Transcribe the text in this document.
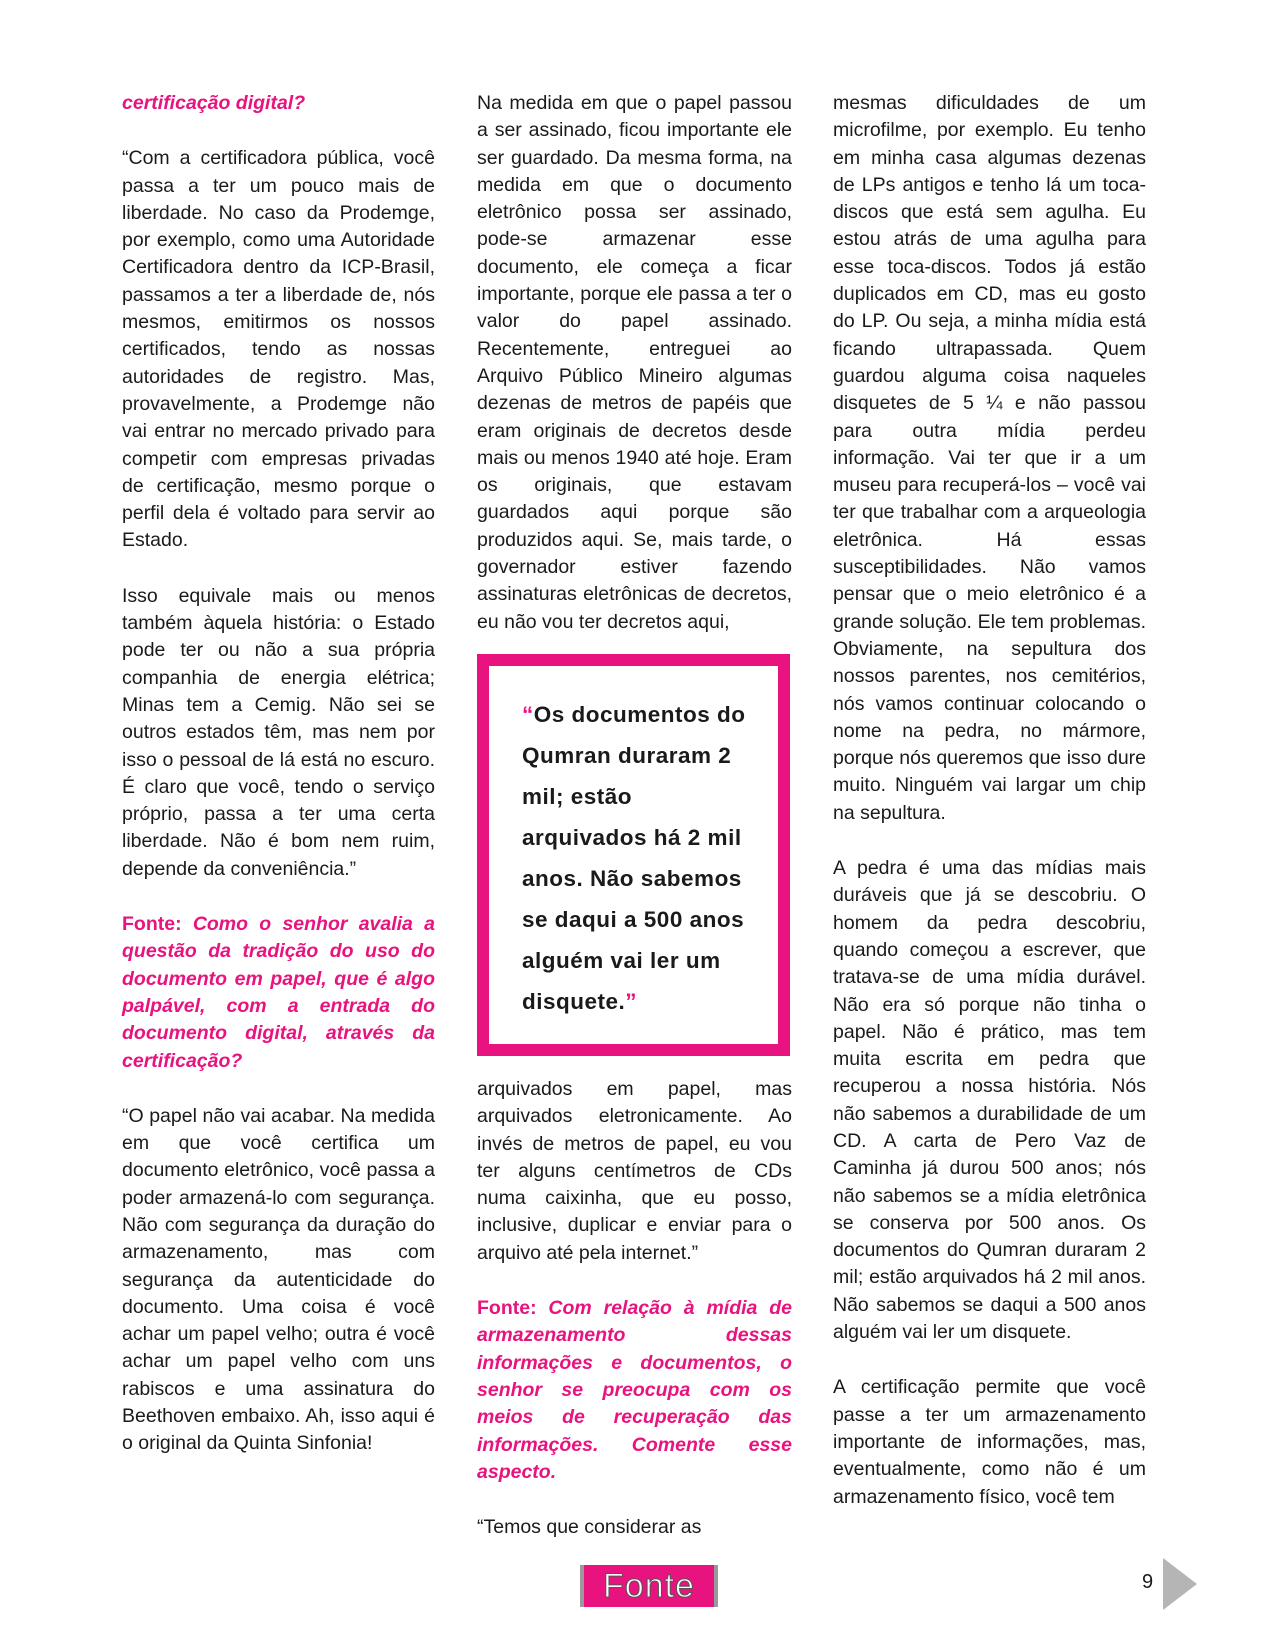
certificação digital?

“Com a certificadora pública, você passa a ter um pouco mais de liberdade. No caso da Prodemge, por exemplo, como uma Autoridade Certificadora dentro da ICP-Brasil, passamos a ter a liberdade de, nós mesmos, emitirmos os nossos certificados, tendo as nossas autoridades de registro. Mas, provavelmente, a Prodemge não vai entrar no mercado privado para competir com empresas privadas de certificação, mesmo porque o perfil dela é voltado para servir ao Estado.

Isso equivale mais ou menos também àquela história: o Estado pode ter ou não a sua própria companhia de energia elétrica; Minas tem a Cemig. Não sei se outros estados têm, mas nem por isso o pessoal de lá está no escuro. É claro que você, tendo o serviço próprio, passa a ter uma certa liberdade. Não é bom nem ruim, depende da conveniência.”

Fonte: Como o senhor avalia a questão da tradição do uso do documento em papel, que é algo palpável, com a entrada do documento digital, através da certificação?

“O papel não vai acabar. Na medida em que você certifica um documento eletrônico, você passa a poder armazená-lo com segurança. Não com segurança da duração do armazenamento, mas com segurança da autenticidade do documento. Uma coisa é você achar um papel velho; outra é você achar um papel velho com uns rabiscos e uma assinatura do Beethoven embaixo. Ah, isso aqui é o original da Quinta Sinfonia!

Na medida em que o papel passou a ser assinado, ficou importante ele ser guardado. Da mesma forma, na medida em que o documento eletrônico possa ser assinado, pode-se armazenar esse documento, ele começa a ficar importante, porque ele passa a ter o valor do papel assinado. Recentemente, entreguei ao Arquivo Público Mineiro algumas dezenas de metros de papéis que eram originais de decretos desde mais ou menos 1940 até hoje. Eram os originais, que estavam guardados aqui porque são produzidos aqui. Se, mais tarde, o governador estiver fazendo assinaturas eletrônicas de decretos, eu não vou ter decretos aqui,

“Os documentos do Qumran duraram 2 mil; estão arquivados há 2 mil anos. Não sabemos se daqui a 500 anos alguém vai ler um disquete.”

arquivados em papel, mas arquivados eletronicamente. Ao invés de metros de papel, eu vou ter alguns centímetros de CDs numa caixinha, que eu posso, inclusive, duplicar e enviar para o arquivo até pela internet.”

Fonte: Com relação à mídia de armazenamento dessas informações e documentos, o senhor se preocupa com os meios de recuperação das informações. Comente esse aspecto.

“Temos que considerar as

mesmas dificuldades de um microfilme, por exemplo. Eu tenho em minha casa algumas dezenas de LPs antigos e tenho lá um toca-discos que está sem agulha. Eu estou atrás de uma agulha para esse toca-discos. Todos já estão duplicados em CD, mas eu gosto do LP. Ou seja, a minha mídia está ficando ultrapassada. Quem guardou alguma coisa naqueles disquetes de 5 ¼ e não passou para outra mídia perdeu informação. Vai ter que ir a um museu para recuperá-los – você vai ter que trabalhar com a arqueologia eletrônica. Há essas susceptibilidades. Não vamos pensar que o meio eletrônico é a grande solução. Ele tem problemas. Obviamente, na sepultura dos nossos parentes, nos cemitérios, nós vamos continuar colocando o nome na pedra, no mármore, porque nós queremos que isso dure muito. Ninguém vai largar um chip na sepultura.

A pedra é uma das mídias mais duráveis que já se descobriu. O homem da pedra descobriu, quando começou a escrever, que tratava-se de uma mídia durável. Não era só porque não tinha o papel. Não é prático, mas tem muita escrita em pedra que recuperou a nossa história. Nós não sabemos a durabilidade de um CD. A carta de Pero Vaz de Caminha já durou 500 anos; nós não sabemos se a mídia eletrônica se conserva por 500 anos. Os documentos do Qumran duraram 2 mil; estão arquivados há 2 mil anos. Não sabemos se daqui a 500 anos alguém vai ler um disquete.

A certificação permite que você passe a ter um armazenamento importante de informações, mas, eventualmente, como não é um armazenamento físico, você tem

Fonte	9
